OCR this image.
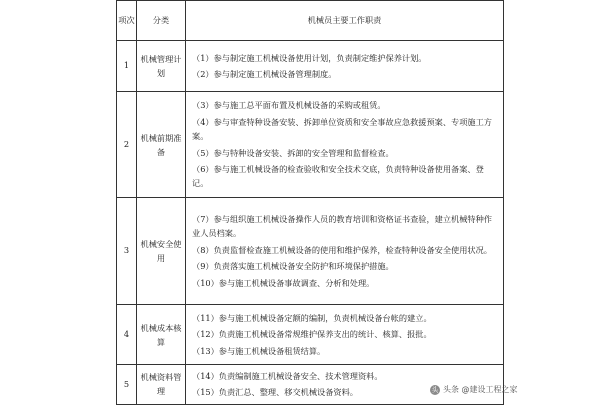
项次	分类	机械员主要工作职责
1	机械管理计划	（1）参与制定施工机械设备使用计划，负责制定维护保养计划。
（2）参与制定施工机械设备管理制度。

2	机械前期准备	（3）参与施工总平面布置及机械设备的采购或租赁。
（4）参与审查特种设备安装、拆卸单位资质和安全事故应急救援预案、专项施工方案。
（5）参与特种设备安装、拆卸的安全管理和监督检查。
（6）参与施工机械设备的检查验收和安全技术交底，负责特种设备使用备案、登记。

3	机械安全使用	（7）参与组织施工机械设备操作人员的教育培训和资格证书查验，建立机械特种作业人员档案。
（8）负责监督检查施工机械设备的使用和维护保养，检查特种设备安全使用状况。
（9）负责落实施工机械设备安全防护和环境保护措施。
（10）参与施工机械设备事故调查、分析和处理。

4	机械成本核算	（11）参与施工机械设备定额的编制，负责机械设备台帐的建立。
（12）负责施工机械设备常规维护保养支出的统计、核算、报批。
（13）参与施工机械设备租赁结算。

5	机械资料管理	（14）负责编制施工机械设备安全、技术管理资料。
（15）负责汇总、整理、移交机械设备资料。	头 头条 @建设工程之家
